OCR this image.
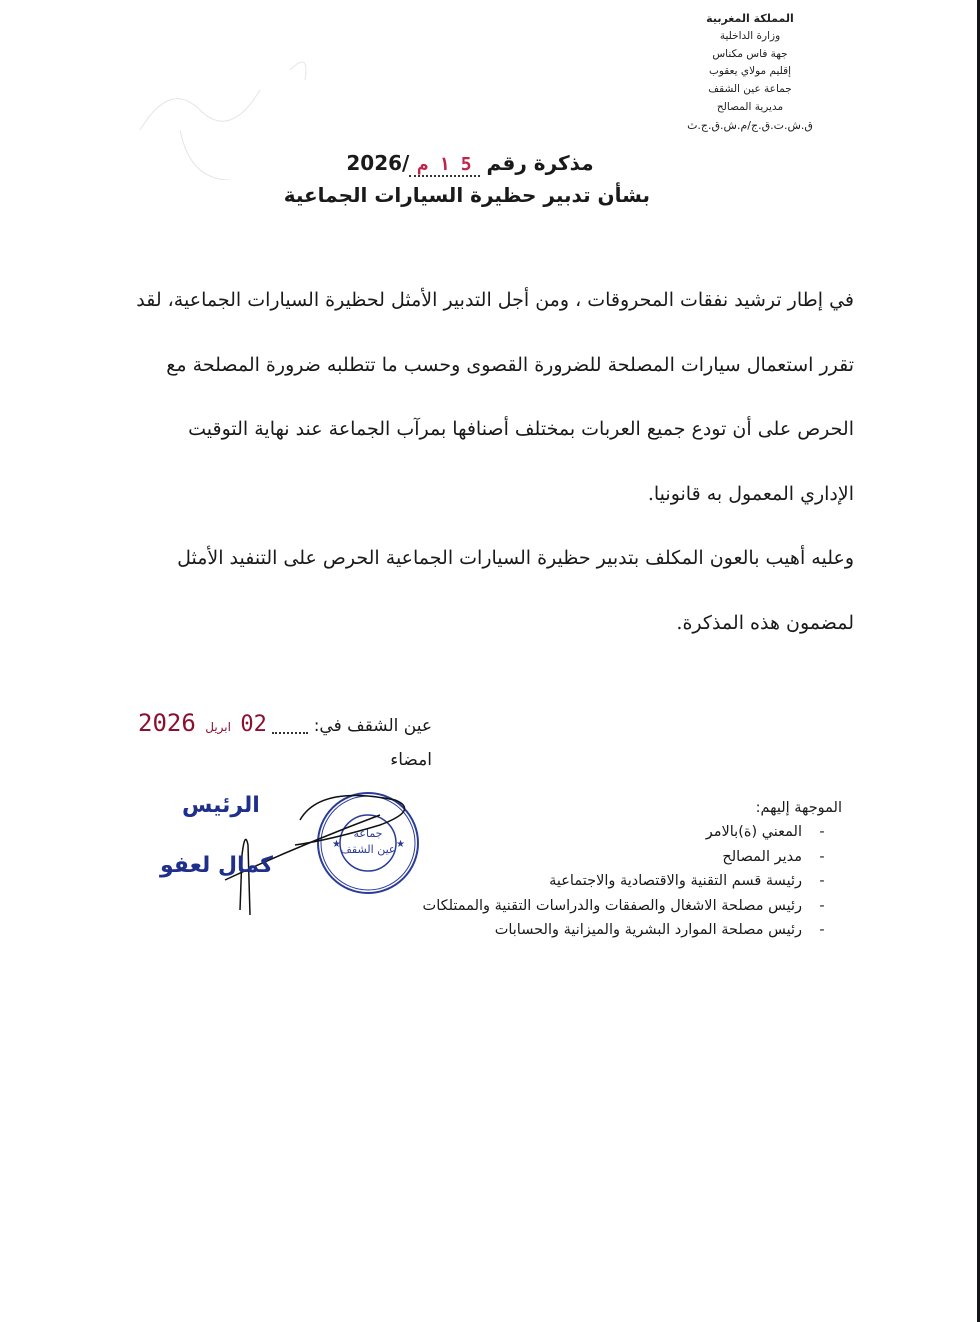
المملكة المغربية
وزارة الداخلية
جهة فاس مكناس
إقليم مولاي يعقوب
جماعة عين الشقف
مديرية المصالح
ق.ش.ت.ق.ج/م.ش.ق.ج.ث
مذكرة رقم 5 ١ م/2026
بشأن تدبير حظيرة السيارات الجماعية

في إطار ترشيد نفقات المحروقات ، ومن أجل التدبير الأمثل لحظيرة السيارات الجماعية، لقد

تقرر استعمال سيارات المصلحة للضرورة القصوى وحسب ما تتطلبه ضرورة المصلحة مع

الحرص على أن تودع جميع العربات بمختلف أصنافها بمرآب الجماعة عند نهاية التوقيت

الإداري المعمول به قانونيا.

وعليه أهيب بالعون المكلف بتدبير حظيرة السيارات الجماعية الحرص على التنفيد الأمثل

لمضمون هذه المذكرة.

عين الشقف في:  02 ابريل 2026
امضاء
جماعة
عين الشقف
★	★
الرئيس
كمال لعفو
الموجهة إليهم:
-المعني (ة)بالامر
-مدير المصالح
-رئيسة قسم التقنية والاقتصادية والاجتماعية
-رئيس مصلحة الاشغال والصفقات والدراسات التقنية والممتلكات
-رئيس مصلحة الموارد البشرية والميزانية والحسابات
